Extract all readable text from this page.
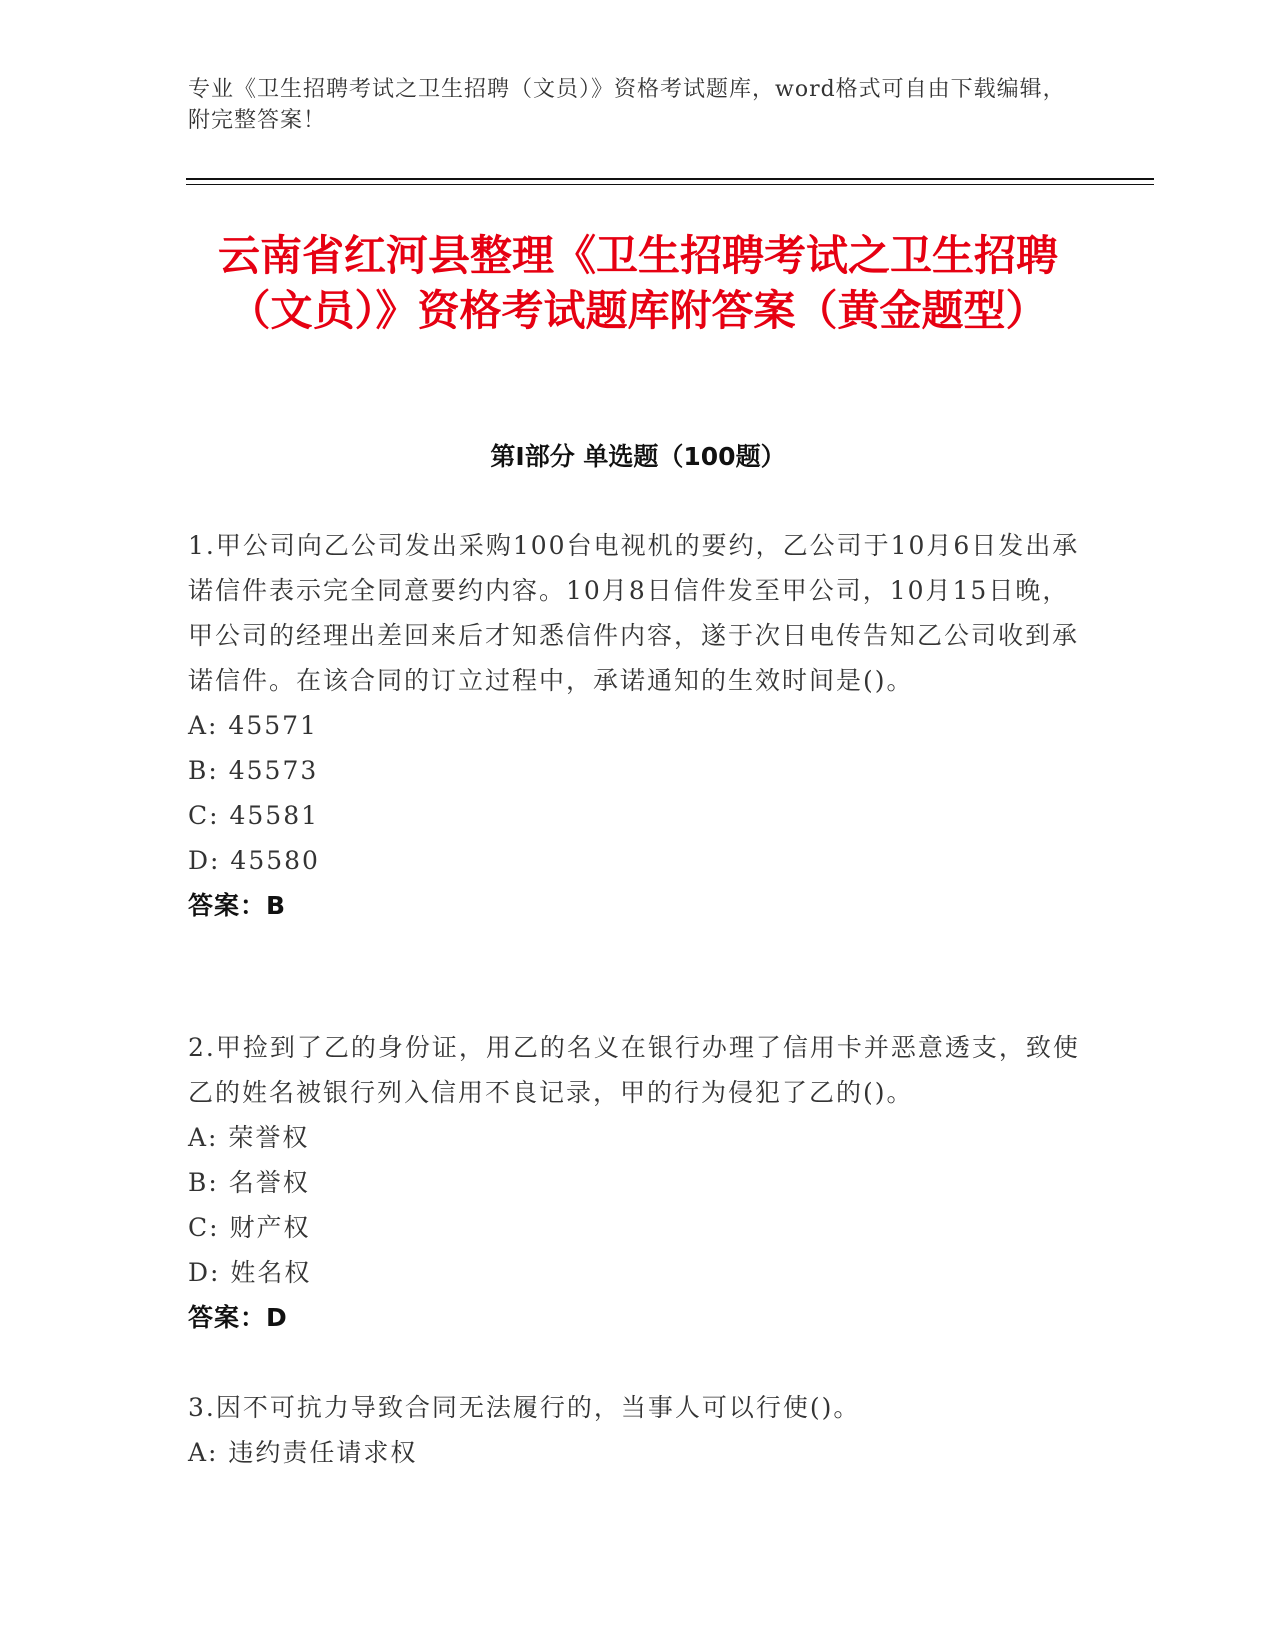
专业《卫生招聘考试之卫生招聘（文员）》资格考试题库，word格式可自由下载编辑，附完整答案！
云南省红河县整理《卫生招聘考试之卫生招聘（文员）》资格考试题库附答案（黄金题型）
第I部分 单选题（100题）
1.甲公司向乙公司发出采购100台电视机的要约，乙公司于10月6日发出承诺信件表示完全同意要约内容。10月8日信件发至甲公司，10月15日晚，甲公司的经理出差回来后才知悉信件内容，遂于次日电传告知乙公司收到承诺信件。在该合同的订立过程中，承诺通知的生效时间是()。
A: 45571
B: 45573
C: 45581
D: 45580
答案：B
2.甲捡到了乙的身份证，用乙的名义在银行办理了信用卡并恶意透支，致使乙的姓名被银行列入信用不良记录，甲的行为侵犯了乙的()。
A: 荣誉权
B: 名誉权
C: 财产权
D: 姓名权
答案：D
3.因不可抗力导致合同无法履行的，当事人可以行使()。
A: 违约责任请求权
